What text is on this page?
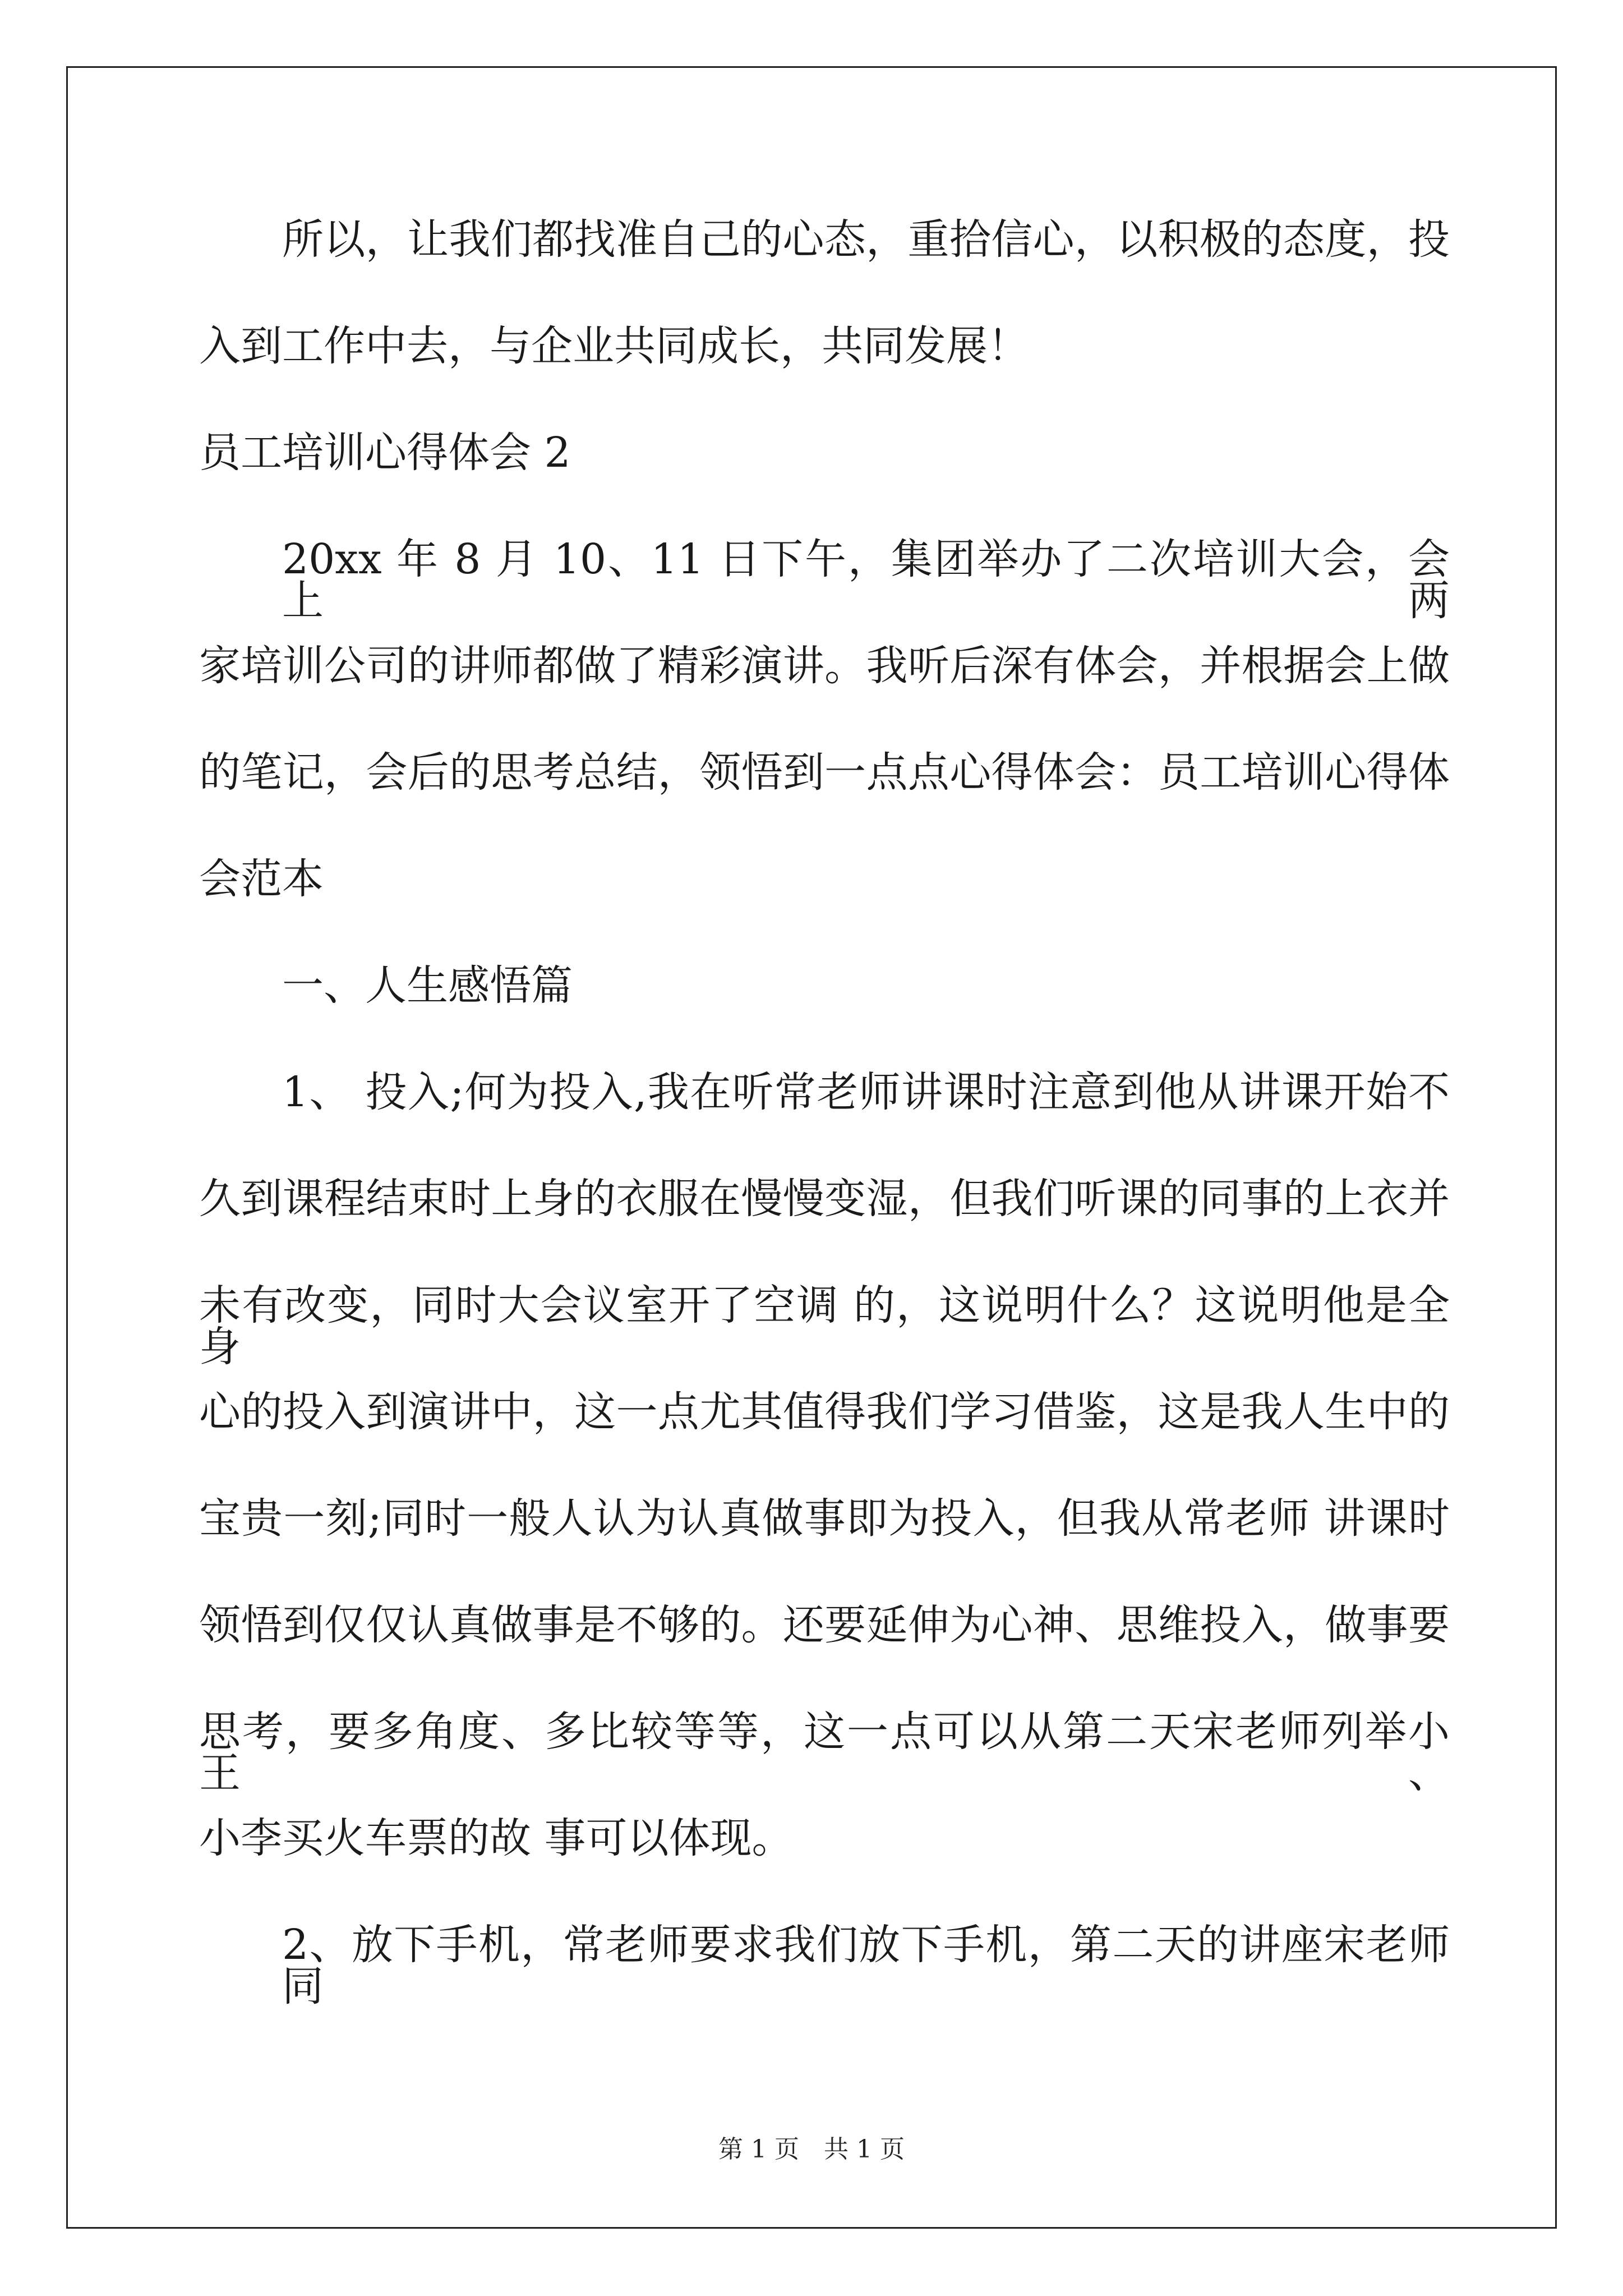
所以，让我们都找准自己的心态，重拾信心，以积极的态度，投
入到工作中去，与企业共同成长，共同发展！
员工培训心得体会 2
20xx 年 8 月 10、11 日下午，集团举办了二次培训大会，会上两
家培训公司的讲师都做了精彩演讲。我听后深有体会，并根据会上做
的笔记，会后的思考总结，领悟到一点点心得体会：员工培训心得体
会范本
一、人生感悟篇
1、 投入;何为投入,我在听常老师讲课时注意到他从讲课开始不
久到课程结束时上身的衣服在慢慢变湿，但我们听课的同事的上衣并
未有改变，同时大会议室开了空调 的，这说明什么？这说明他是全身
心的投入到演讲中，这一点尤其值得我们学习借鉴，这是我人生中的
宝贵一刻;同时一般人认为认真做事即为投入，但我从常老师 讲课时
领悟到仅仅认真做事是不够的。还要延伸为心神、思维投入，做事要
思考，要多角度、多比较等等，这一点可以从第二天宋老师列举小王、
小李买火车票的故 事可以体现。
2、放下手机，常老师要求我们放下手机，第二天的讲座宋老师同
第 1 页　共 1 页
